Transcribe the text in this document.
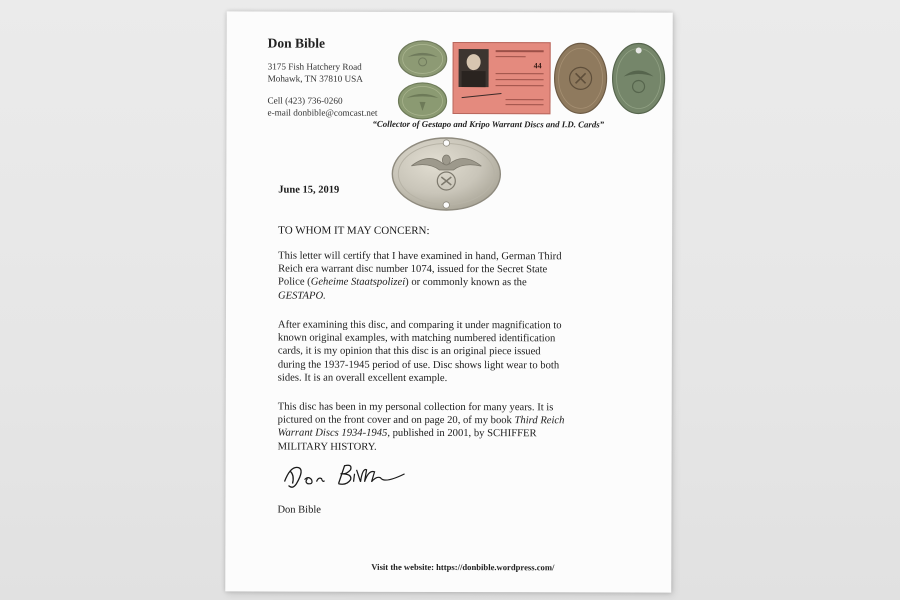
Don Bible
3175 Fish Hatchery Road
Mohawk, TN 37810 USA
Cell (423) 736-0260
e-mail donbible@comcast.net
44
“Collector of Gestapo and Kripo Warrant Discs and I.D. Cards”
June 15, 2019
TO WHOM IT MAY CONCERN:
This letter will certify that I have examined in hand, German Third
Reich era warrant disc number 1074, issued for the Secret State
Police (Geheime Staatspolizei) or commonly known as the
GESTAPO.
After examining this disc, and comparing it under magnification to
known original examples, with matching numbered identification
cards, it is my opinion that this disc is an original piece issued
during the 1937-1945 period of use. Disc shows light wear to both
sides. It is an overall excellent example.
This disc has been in my personal collection for many years. It is
pictured on the front cover and on page 20, of my book Third Reich
Warrant Discs 1934-1945, published in 2001, by SCHIFFER
MILITARY HISTORY.
Don Bible
Visit the website: https://donbible.wordpress.com/
